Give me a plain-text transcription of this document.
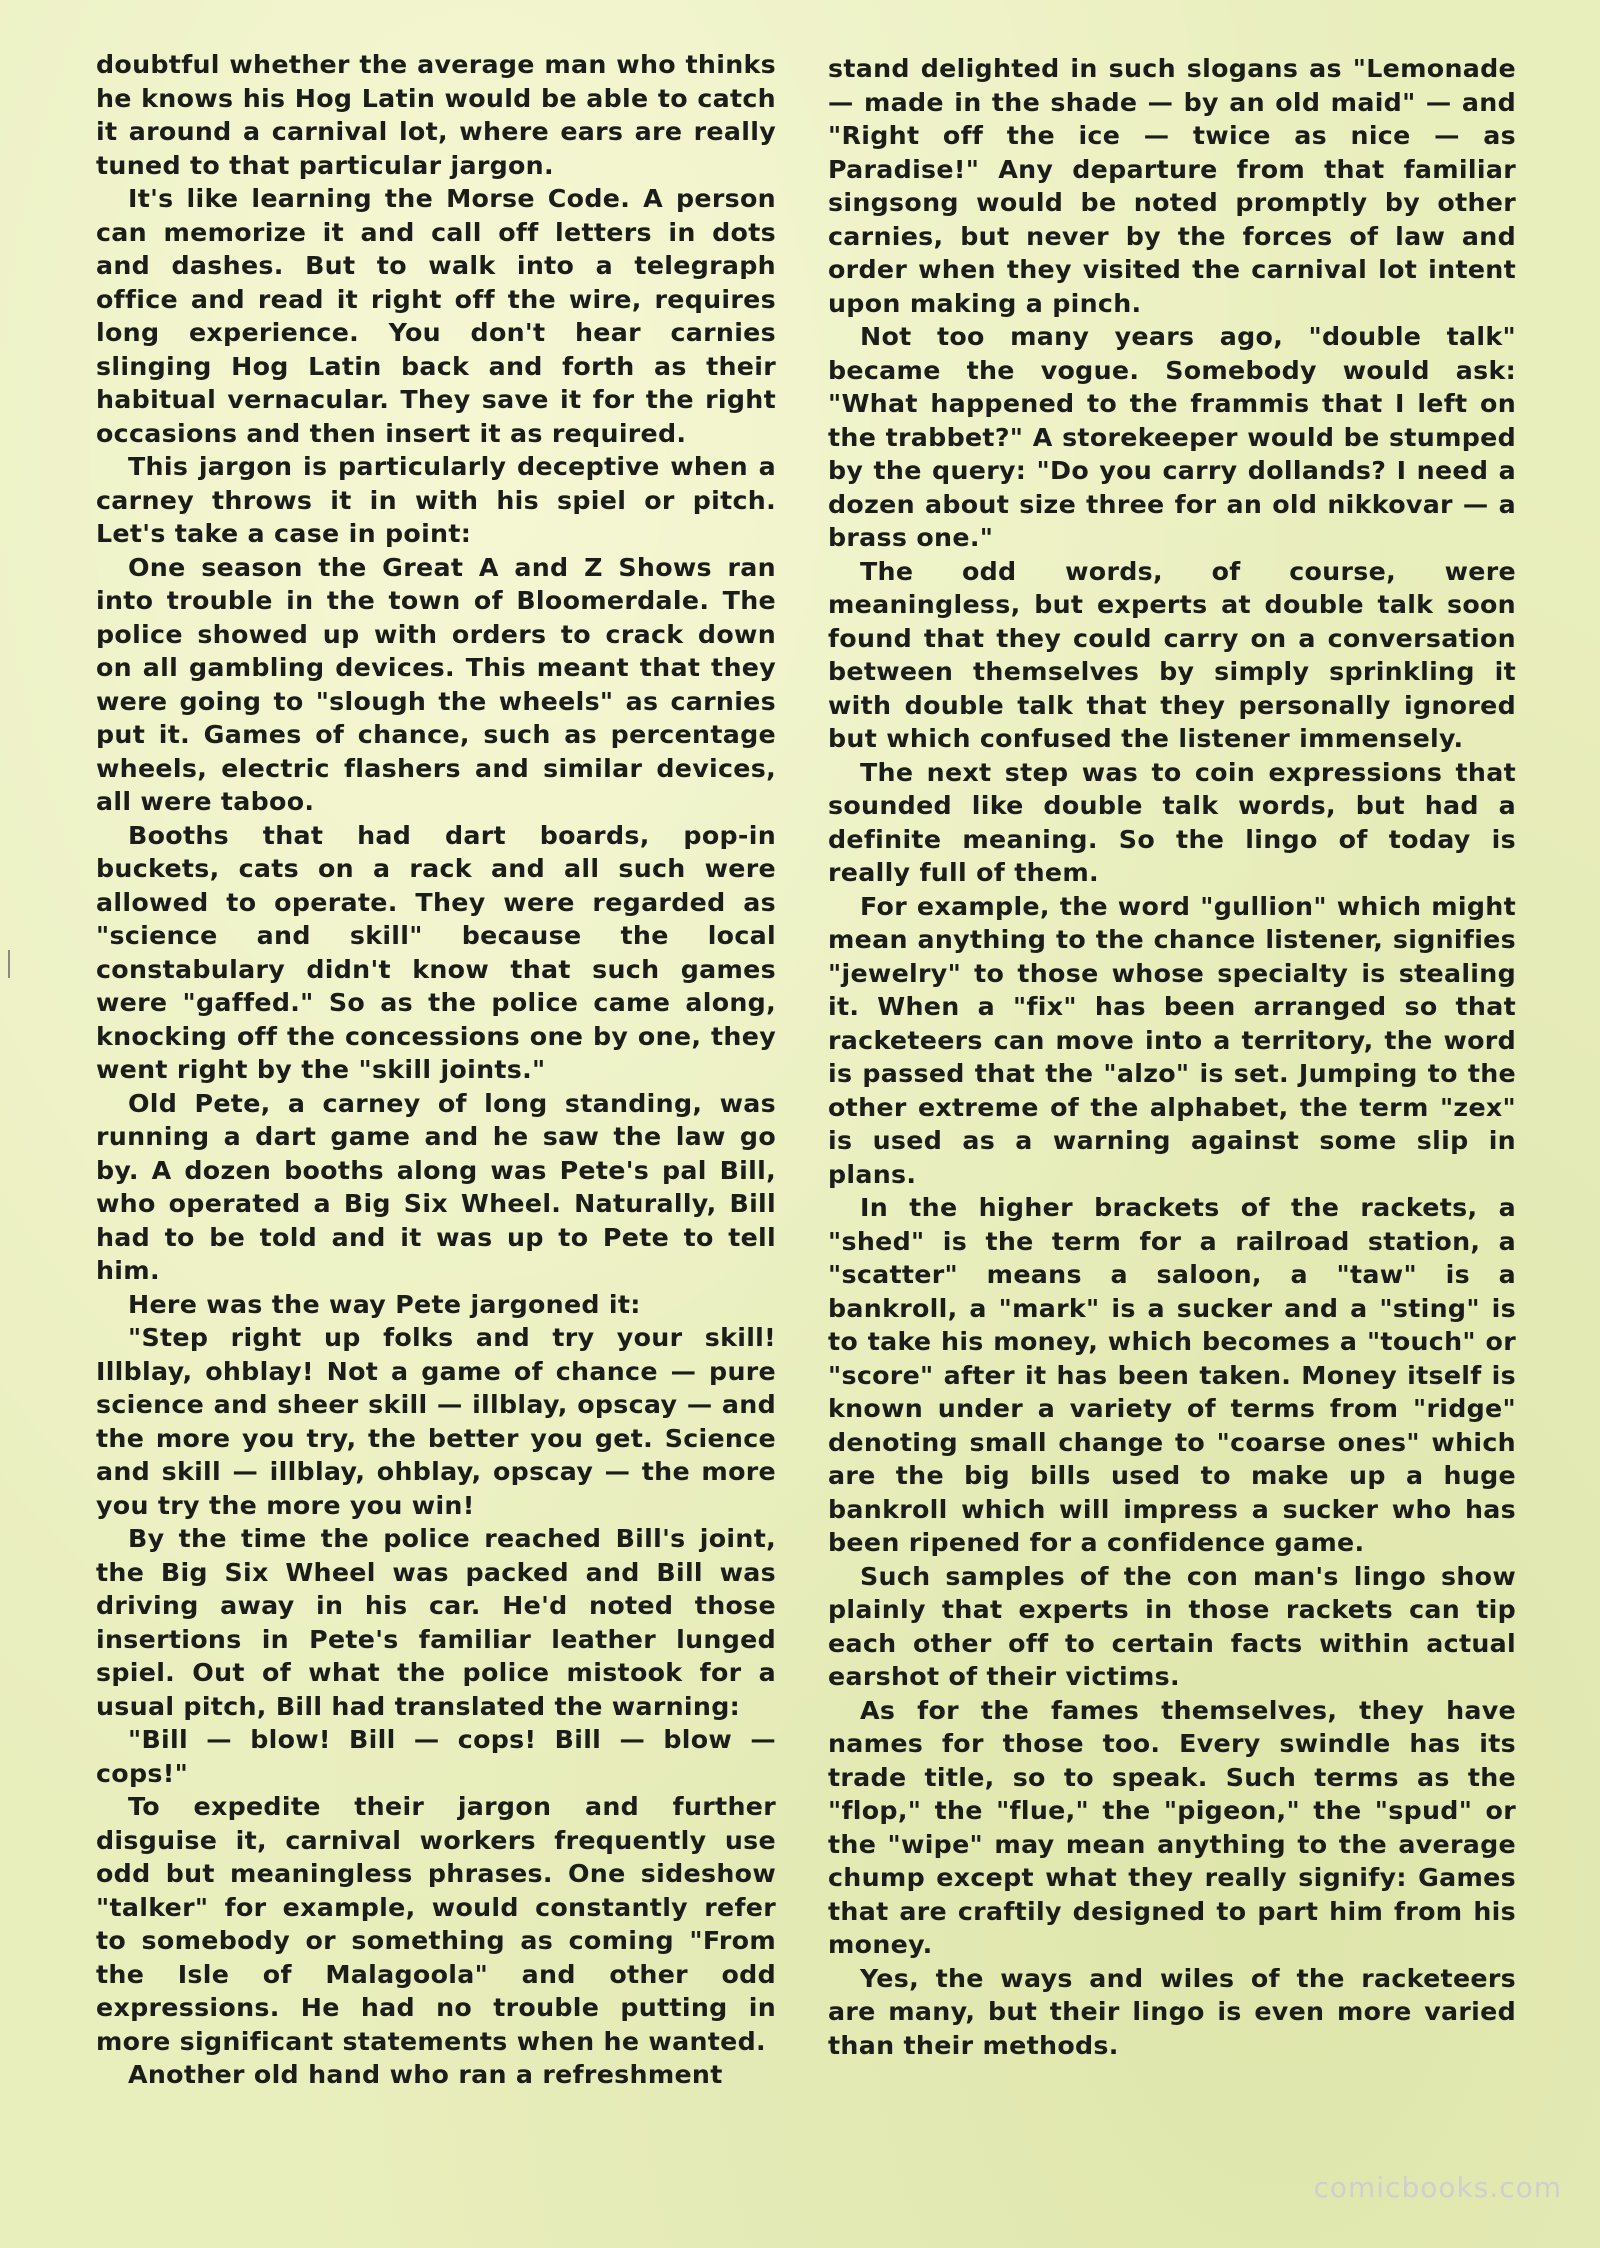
doubtful whether the average man who thinks he knows his Hog Latin would be able to catch it around a carnival lot, where ears are really tuned to that particular jargon.

It's like learning the Morse Code. A person can memorize it and call off letters in dots and dashes. But to walk into a telegraph office and read it right off the wire, requires long experience. You don't hear carnies slinging Hog Latin back and forth as their habitual vernacular. They save it for the right occasions and then insert it as required.

This jargon is particularly deceptive when a carney throws it in with his spiel or pitch. Let's take a case in point:

One season the Great A and Z Shows ran into trouble in the town of Bloomerdale. The police showed up with orders to crack down on all gambling devices. This meant that they were going to "slough the wheels" as carnies put it. Games of chance, such as percentage wheels, electric flashers and similar devices, all were taboo.

Booths that had dart boards, pop-in buckets, cats on a rack and all such were allowed to operate. They were regarded as "science and skill" because the local constabulary didn't know that such games were "gaffed." So as the police came along, knocking off the concessions one by one, they went right by the "skill joints."

Old Pete, a carney of long standing, was running a dart game and he saw the law go by. A dozen booths along was Pete's pal Bill, who operated a Big Six Wheel. Naturally, Bill had to be told and it was up to Pete to tell him.

Here was the way Pete jargoned it:

"Step right up folks and try your skill! Illblay, ohblay! Not a game of chance — pure science and sheer skill — illblay, opscay — and the more you try, the better you get. Science and skill — illblay, ohblay, opscay — the more you try the more you win!

By the time the police reached Bill's joint, the Big Six Wheel was packed and Bill was driving away in his car. He'd noted those insertions in Pete's familiar leather lunged spiel. Out of what the police mistook for a usual pitch, Bill had translated the warning:

"Bill — blow! Bill — cops! Bill — blow — cops!"

To expedite their jargon and further disguise it, carnival workers frequently use odd but meaningless phrases. One sideshow "talker" for example, would constantly refer to somebody or something as coming "From the Isle of Malagoola" and other odd expressions. He had no trouble putting in more significant statements when he wanted.

Another old hand who ran a refreshment

stand delighted in such slogans as "Lemonade — made in the shade — by an old maid" — and "Right off the ice — twice as nice — as Paradise!" Any departure from that familiar singsong would be noted promptly by other carnies, but never by the forces of law and order when they visited the carnival lot intent upon making a pinch.

Not too many years ago, "double talk" became the vogue. Somebody would ask: "What happened to the frammis that I left on the trabbet?" A storekeeper would be stumped by the query: "Do you carry dollands? I need a dozen about size three for an old nikkovar — a brass one."

The odd words, of course, were meaningless, but experts at double talk soon found that they could carry on a conversation between themselves by simply sprinkling it with double talk that they personally ignored but which confused the listener immensely.

The next step was to coin expressions that sounded like double talk words, but had a definite meaning. So the lingo of today is really full of them.

For example, the word "gullion" which might mean anything to the chance listener, signifies "jewelry" to those whose specialty is stealing it. When a "fix" has been arranged so that racketeers can move into a territory, the word is passed that the "alzo" is set. Jumping to the other extreme of the alphabet, the term "zex" is used as a warning against some slip in plans.

In the higher brackets of the rackets, a "shed" is the term for a railroad station, a "scatter" means a saloon, a "taw" is a bankroll, a "mark" is a sucker and a "sting" is to take his money, which becomes a "touch" or "score" after it has been taken. Money itself is known under a variety of terms from "ridge" denoting small change to "coarse ones" which are the big bills used to make up a huge bankroll which will impress a sucker who has been ripened for a confidence game.

Such samples of the con man's lingo show plainly that experts in those rackets can tip each other off to certain facts within actual earshot of their victims.

As for the fames themselves, they have names for those too. Every swindle has its trade title, so to speak. Such terms as the "flop," the "flue," the "pigeon," the "spud" or the "wipe" may mean anything to the average chump except what they really signify: Games that are craftily designed to part him from his money.

Yes, the ways and wiles of the racketeers are many, but their lingo is even more varied than their methods.

comicbooks.com
